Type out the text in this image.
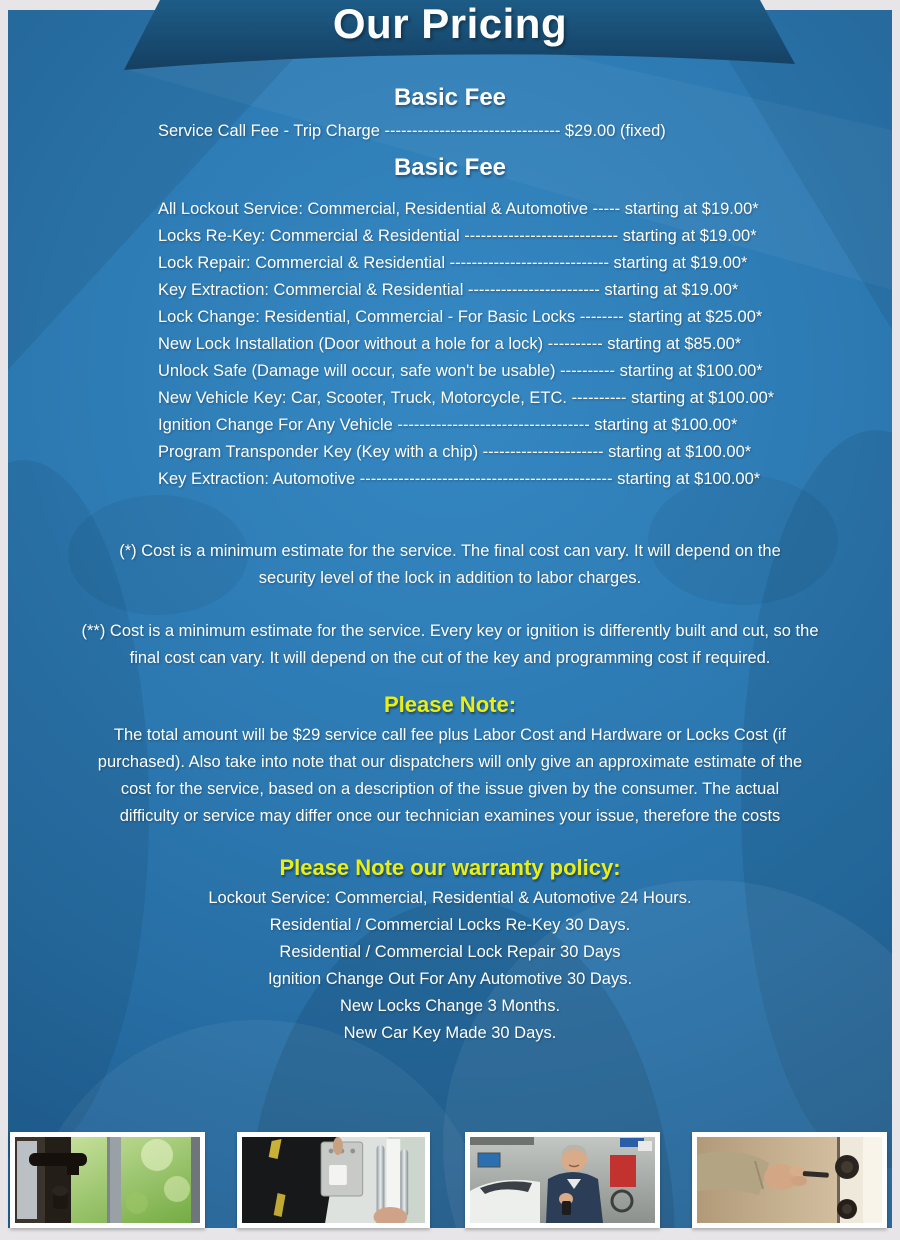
Our Pricing
Basic Fee
Service Call Fee - Trip Charge -------------------------------- $29.00 (fixed)
Basic Fee
All Lockout Service: Commercial, Residential & Automotive ----- starting at $19.00*
Locks Re-Key: Commercial & Residential ---------------------------- starting at $19.00*
Lock Repair: Commercial & Residential ----------------------------- starting at $19.00*
Key Extraction: Commercial & Residential ------------------------ starting at $19.00*
Lock Change: Residential, Commercial - For Basic Locks -------- starting at $25.00*
New Lock Installation (Door without a hole for a lock) ---------- starting at $85.00*
Unlock Safe (Damage will occur, safe won't be usable) ---------- starting at $100.00*
New Vehicle Key: Car, Scooter, Truck, Motorcycle, ETC. ---------- starting at $100.00*
Ignition Change For Any Vehicle ----------------------------------- starting at $100.00*
Program Transponder Key (Key with a chip) ---------------------- starting at $100.00*
Key Extraction: Automotive ---------------------------------------------- starting at $100.00*
(*) Cost is a minimum estimate for the service. The final cost can vary. It will depend on the security level of the lock in addition to labor charges.
(**) Cost is a minimum estimate for the service. Every key or ignition is differently built and cut, so the final cost can vary. It will depend on the cut of the key and programming cost if required.
Please Note:
The total amount will be $29 service call fee plus Labor Cost and Hardware or Locks Cost (if purchased). Also take into note that our dispatchers will only give an approximate estimate of the cost for the service, based on a description of the issue given by the consumer. The actual difficulty or service may differ once our technician examines your issue, therefore the costs
Please Note our warranty policy:
Lockout Service: Commercial, Residential & Automotive 24 Hours.
Residential / Commercial Locks Re-Key 30 Days.
Residential / Commercial Lock Repair 30 Days
Ignition Change Out For Any Automotive 30 Days.
New Locks Change 3 Months.
New Car Key Made 30 Days.
